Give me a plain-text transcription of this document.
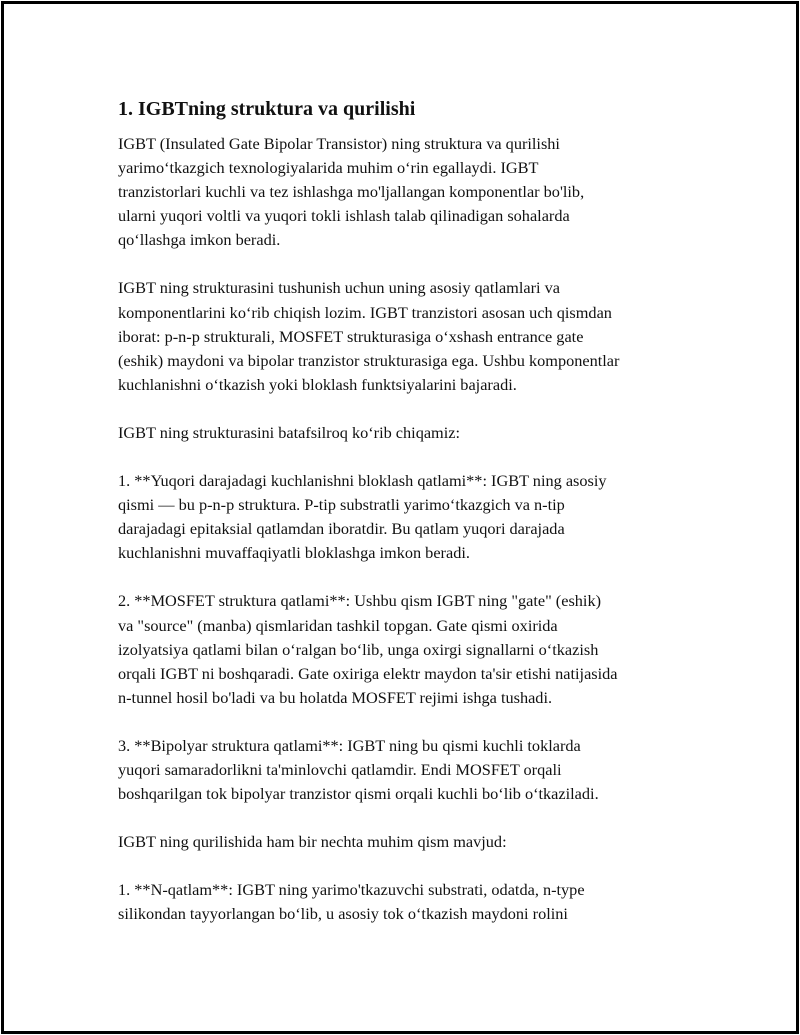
1. IGBTning struktura va qurilishi

IGBT (Insulated Gate Bipolar Transistor) ning struktura va qurilishi
yarimo‘tkazgich texnologiyalarida muhim o‘rin egallaydi. IGBT
tranzistorlari kuchli va tez ishlashga mo'ljallangan komponentlar bo'lib,
ularni yuqori voltli va yuqori tokli ishlash talab qilinadigan sohalarda
qo‘llashga imkon beradi.

IGBT ning strukturasini tushunish uchun uning asosiy qatlamlari va
komponentlarini ko‘rib chiqish lozim. IGBT tranzistori asosan uch qismdan
iborat: p-n-p strukturali, MOSFET strukturasiga o‘xshash entrance gate
(eshik) maydoni va bipolar tranzistor strukturasiga ega. Ushbu komponentlar
kuchlanishni o‘tkazish yoki bloklash funktsiyalarini bajaradi.

IGBT ning strukturasini batafsilroq ko‘rib chiqamiz:

1. **Yuqori darajadagi kuchlanishni bloklash qatlami**: IGBT ning asosiy
qismi — bu p-n-p struktura. P-tip substratli yarimo‘tkazgich va n-tip
darajadagi epitaksial qatlamdan iboratdir. Bu qatlam yuqori darajada
kuchlanishni muvaffaqiyatli bloklashga imkon beradi.

2. **MOSFET struktura qatlami**: Ushbu qism IGBT ning "gate" (eshik)
va "source" (manba) qismlaridan tashkil topgan. Gate qismi oxirida
izolyatsiya qatlami bilan o‘ralgan bo‘lib, unga oxirgi signallarni o‘tkazish
orqali IGBT ni boshqaradi. Gate oxiriga elektr maydon ta'sir etishi natijasida
n-tunnel hosil bo'ladi va bu holatda MOSFET rejimi ishga tushadi.

3. **Bipolyar struktura qatlami**: IGBT ning bu qismi kuchli toklarda
yuqori samaradorlikni ta'minlovchi qatlamdir. Endi MOSFET orqali
boshqarilgan tok bipolyar tranzistor qismi orqali kuchli bo‘lib o‘tkaziladi.

IGBT ning qurilishida ham bir nechta muhim qism mavjud:

1. **N-qatlam**: IGBT ning yarimo'tkazuvchi substrati, odatda, n-type
silikondan tayyorlangan bo‘lib, u asosiy tok o‘tkazish maydoni rolini
